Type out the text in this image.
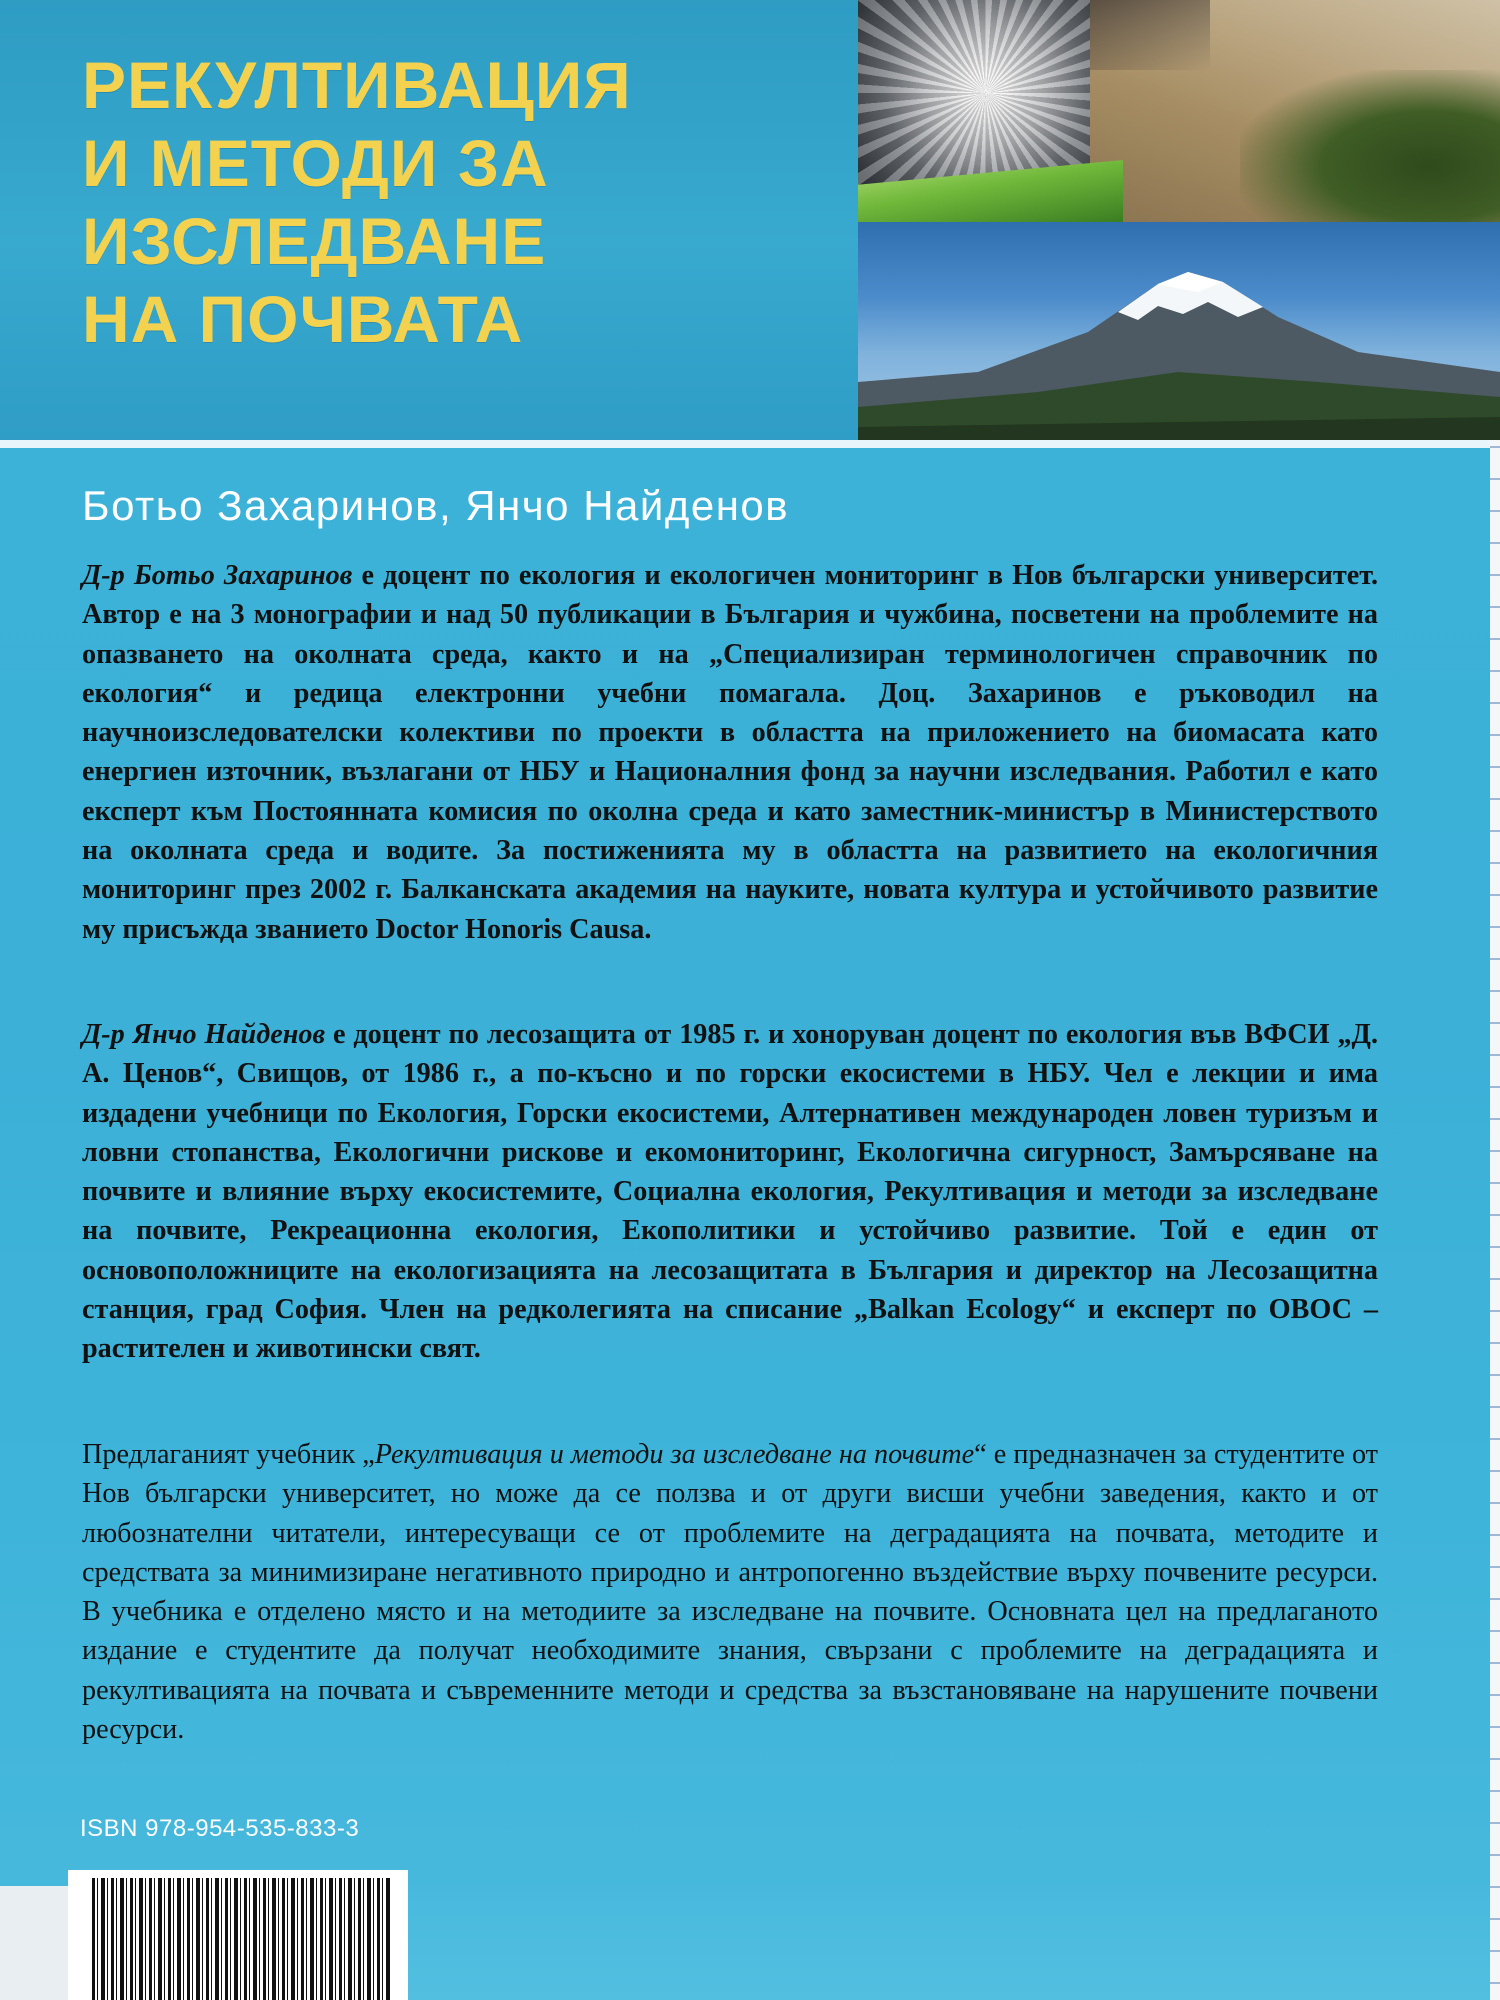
РЕКУЛТИВАЦИЯ
И МЕТОДИ ЗА
ИЗСЛЕДВАНЕ
НА ПОЧВАТА
Ботьо Захаринов, Янчо Найденов

Д-р Ботьо Захаринов е доцент по екология и екологичен мониторинг в Нов български университет. Автор е на 3 монографии и над 50 публикации в България и чужбина, посветени на проблемите на опазването на околната среда, както и на „Специализиран терминологичен справочник по екология“ и редица електронни учебни помагала. Доц. Захаринов е ръководил на научноизследователски колективи по проекти в областта на приложението на биомасата като енергиен източник, възлагани от НБУ и Националния фонд за научни изследвания. Работил е като експерт към Постоянната комисия по околна среда и като заместник-министър в Министерството на околната среда и водите. За постиженията му в областта на развитието на екологичния мониторинг през 2002 г. Балканската академия на науките, новата култура и устойчивото развитие му присъжда званието Doctor Honoris Causa.

Д-р Янчо Найденов е доцент по лесозащита от 1985 г. и хоноруван доцент по екология във ВФСИ „Д. А. Ценов“, Свищов, от 1986 г., а по-късно и по горски екосистеми в НБУ. Чел е лекции и има издадени учебници по Екология, Горски екосистеми, Алтернативен международен ловен туризъм и ловни стопанства, Екологични рискове и екомониторинг, Екологична сигурност, Замърсяване на почвите и влияние върху екосистемите, Социална екология, Рекултивация и методи за изследване на почвите, Рекреационна екология, Екополитики и устойчиво развитие. Той е един от основоположниците на екологизацията на лесозащитата в България и директор на Лесозащитна станция, град София. Член на редколегията на списание „Balkan Ecology“ и експерт по ОВОС – растителен и животински свят.

Предлаганият учебник „Рекултивация и методи за изследване на почвите“ е предназначен за студентите от Нов български университет, но може да се ползва и от други висши учебни заведения, както и от любознателни читатели, интересуващи се от проблемите на деградацията на почвата, методите и средствата за минимизиране негативното природно и антропогенно въздействие върху почвените ресурси. В учебника е отделено място и на методиите за изследване на почвите. Основната цел на предлаганото издание е студентите да получат необходимите знания, свързани с проблемите на деградацията и рекултивацията на почвата и съвременните методи и средства за възстановяване на нарушените почвени ресурси.

ISBN 978-954-535-833-3
